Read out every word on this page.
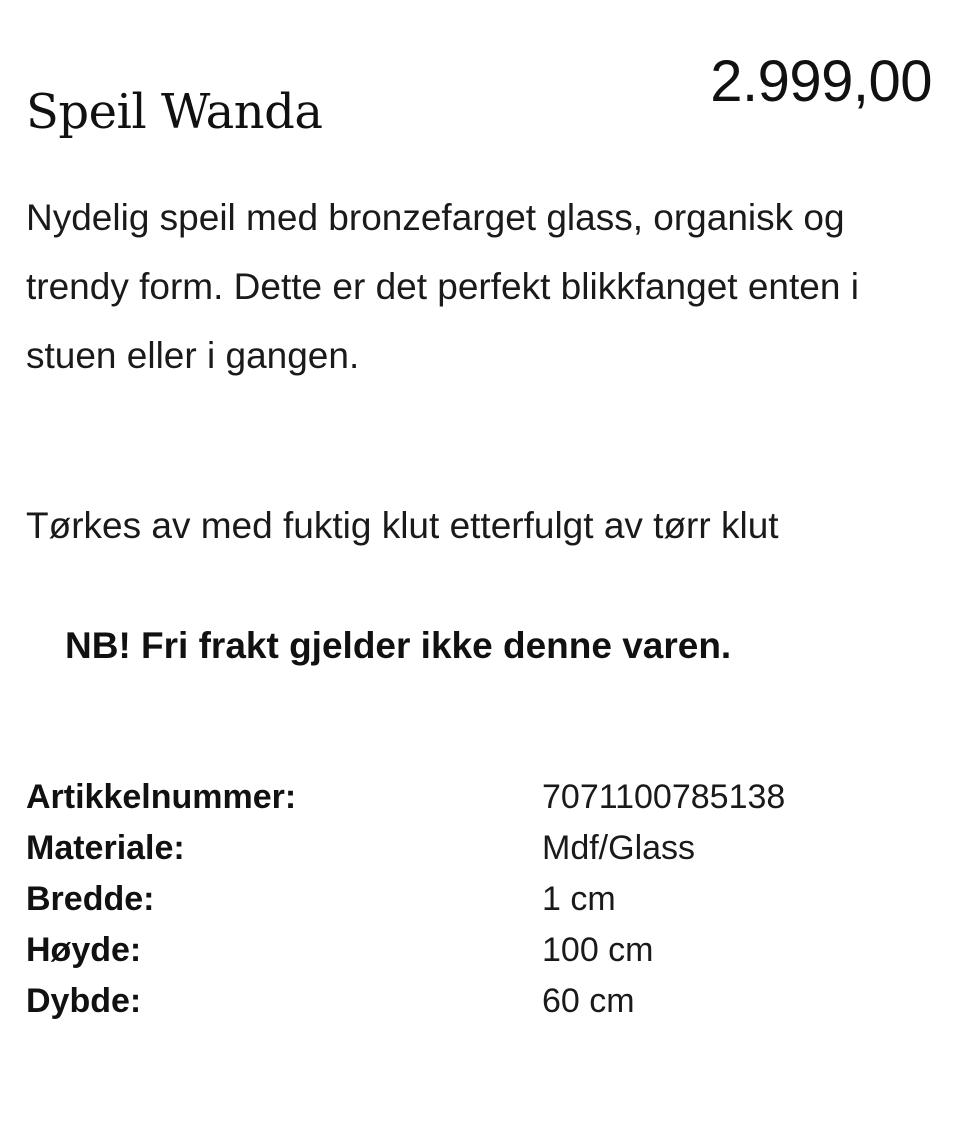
Speil Wanda	2.999,00

Nydelig speil med bronzefarget glass, organisk og trendy form. Dette er det perfekt blikkfanget enten i stuen eller i gangen.

Tørkes av med fuktig klut etterfulgt av tørr klut

NB! Fri frakt gjelder ikke denne varen.

Artikkelnummer:	7071100785138
Materiale:	Mdf/Glass
Bredde:	1 cm
Høyde:	100 cm
Dybde:	60 cm
